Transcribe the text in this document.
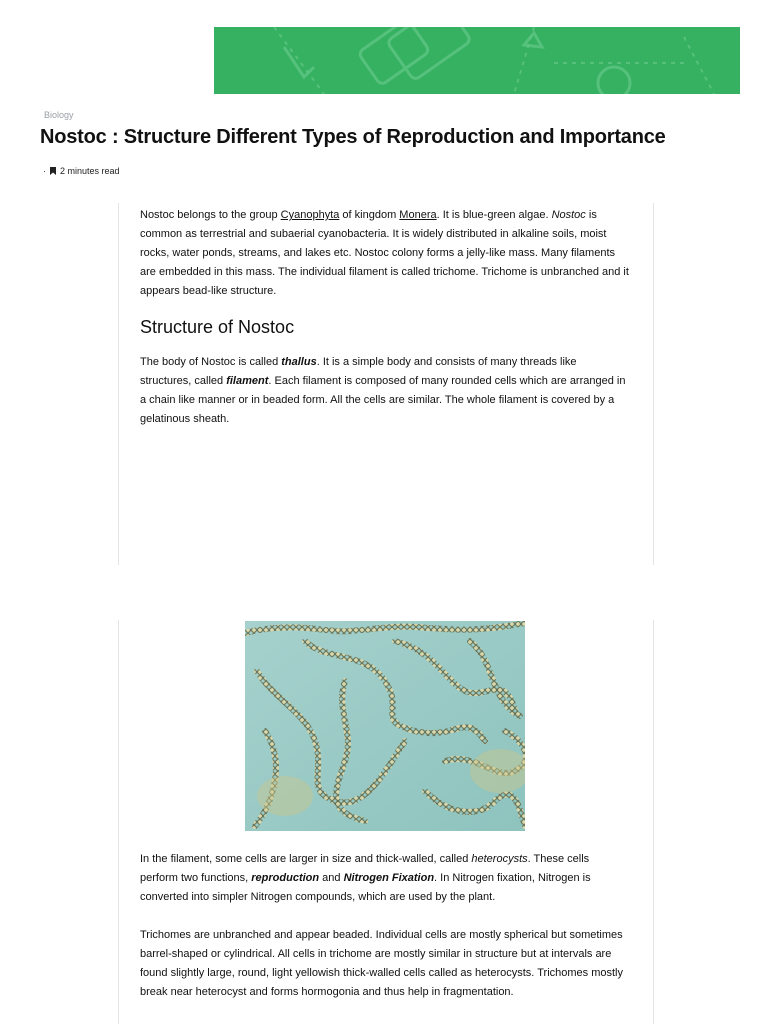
Biology
Nostoc : Structure Different Types of Reproduction and Importance
· 2 minutes read

Nostoc belongs to the group Cyanophyta of kingdom Monera. It is blue-green algae. Nostoc is common as terrestrial and subaerial cyanobacteria. It is widely distributed in alkaline soils, moist rocks, water ponds, streams, and lakes etc. Nostoc colony forms a jelly-like mass. Many filaments are embedded in this mass. The individual filament is called trichome. Trichome is unbranched and it appears bead-like structure.

Structure of Nostoc

The body of Nostoc is called thallus. It is a simple body and consists of many threads like structures, called filament. Each filament is composed of many rounded cells which are arranged in a chain like manner or in beaded form. All the cells are similar. The whole filament is covered by a gelatinous sheath.

In the filament, some cells are larger in size and thick-walled, called heterocysts. These cells perform two functions, reproduction and Nitrogen Fixation. In Nitrogen fixation, Nitrogen is converted into simpler Nitrogen compounds, which are used by the plant.

Trichomes are unbranched and appear beaded. Individual cells are mostly spherical but sometimes barrel-shaped or cylindrical. All cells in trichome are mostly similar in structure but at intervals are found slightly large, round, light yellowish thick-walled cells called as heterocysts. Trichomes mostly break near heterocyst and forms hormogonia and thus help in fragmentation.
